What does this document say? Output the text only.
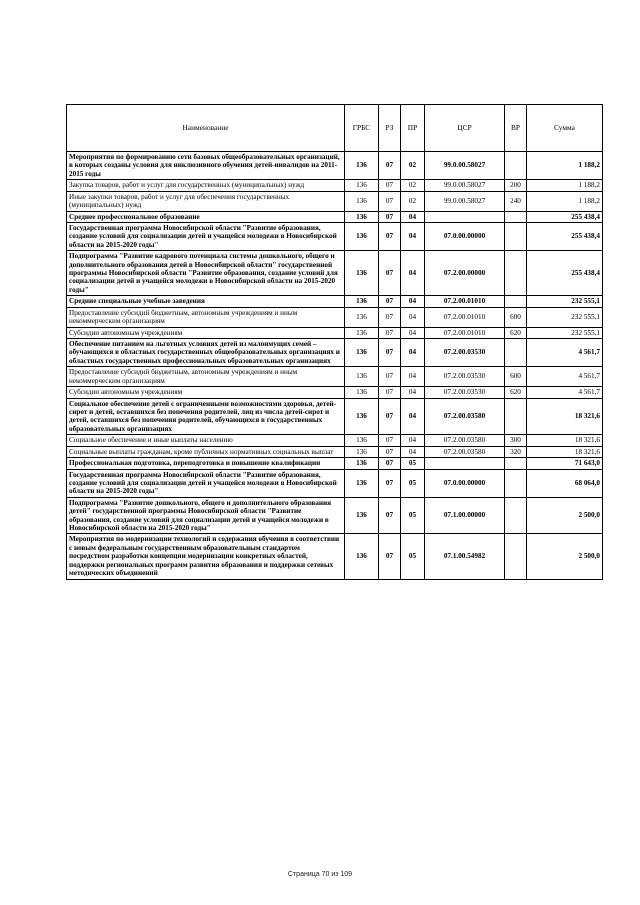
Наименование	ГРБС	РЗ	ПР	ЦСР	ВР	Сумма
Мероприятия по формированию сети базовых общеобразовательных организаций, в которых созданы условия для инклюзивного обучения детей-инвалидов на 2011-2015 годы	136	07	02	99.0.00.58027		1 188,2
Закупка товаров, работ и услуг для государственных (муниципальных) нужд	136	07	02	99.0.00.58027	200	1 188,2
Иные закупки товаров, работ и услуг для обеспечения государственных (муниципальных) нужд	136	07	02	99.0.00.58027	240	1 188,2
Среднее профессиональное образование	136	07	04			255 438,4
Государственная программа Новосибирской области "Развитие образования, создание условий для социализации детей и учащейся молодежи в Новосибирской области на 2015-2020 годы"	136	07	04	07.0.00.00000		255 438,4
Подпрограмма "Развитие кадрового потенциала системы дошкольного, общего и дополнительного образования детей в Новосибирской области" государственной программы Новосибирской области "Развитие образования, создание условий для социализации детей и учащейся молодежи в Новосибирской области на 2015-2020 годы"	136	07	04	07.2.00.00000		255 438,4
Средние специальные учебные заведения	136	07	04	07.2.00.01010		232 555,1
Предоставление субсидий бюджетным, автономным учреждениям и иным некоммерческим организациям	136	07	04	07.2.00.01010	600	232 555,1
Субсидии автономным учреждениям	136	07	04	07.2.00.01010	620	232 555,1
Обеспечение питанием на льготных условиях детей из малоимущих семей – обучающихся в областных государственных общеобразовательных организациях и областных государственных профессиональных образовательных организациях	136	07	04	07.2.00.03530		4 561,7
Предоставление субсидий бюджетным, автономным учреждениям и иным некоммерческим организациям	136	07	04	07.2.00.03530	600	4 561,7
Субсидии автономным учреждениям	136	07	04	07.2.00.03530	620	4 561,7
Социальное обеспечение детей с ограниченными возможностями здоровья, детей-сирот и детей, оставшихся без попечения родителей, лиц из числа детей-сирот и детей, оставшихся без попечения родителей, обучающихся в государственных образовательных организациях	136	07	04	07.2.00.03580		18 321,6
Социальное обеспечение и иные выплаты населению	136	07	04	07.2.00.03580	300	18 321,6
Социальные выплаты гражданам, кроме публичных нормативных социальных выплат	136	07	04	07.2.00.03580	320	18 321,6
Профессиональная подготовка, переподготовка и повышение квалификации	136	07	05			71 643,0
Государственная программа Новосибирской области "Развитие образования, создание условий для социализации детей и учащейся молодежи в Новосибирской области на 2015-2020 годы"	136	07	05	07.0.00.00000		68 064,0
Подпрограмма "Развитие дошкольного, общего и дополнительного образования детей" государственной программы Новосибирской области "Развитие образования, создание условий для социализации детей и учащейся молодежи в Новосибирской области на 2015-2020 годы"	136	07	05	07.1.00.00000		2 500,0
Мероприятия по модернизации технологий и содержания обучения в соответствии с новым федеральным государственным образовательным стандартом посредством разработки концепции модернизации конкретных областей, поддержки региональных программ развития образования и поддержки сетевых методических объединений	136	07	05	07.1.00.54982		2 500,0
Страница 70 из 109
